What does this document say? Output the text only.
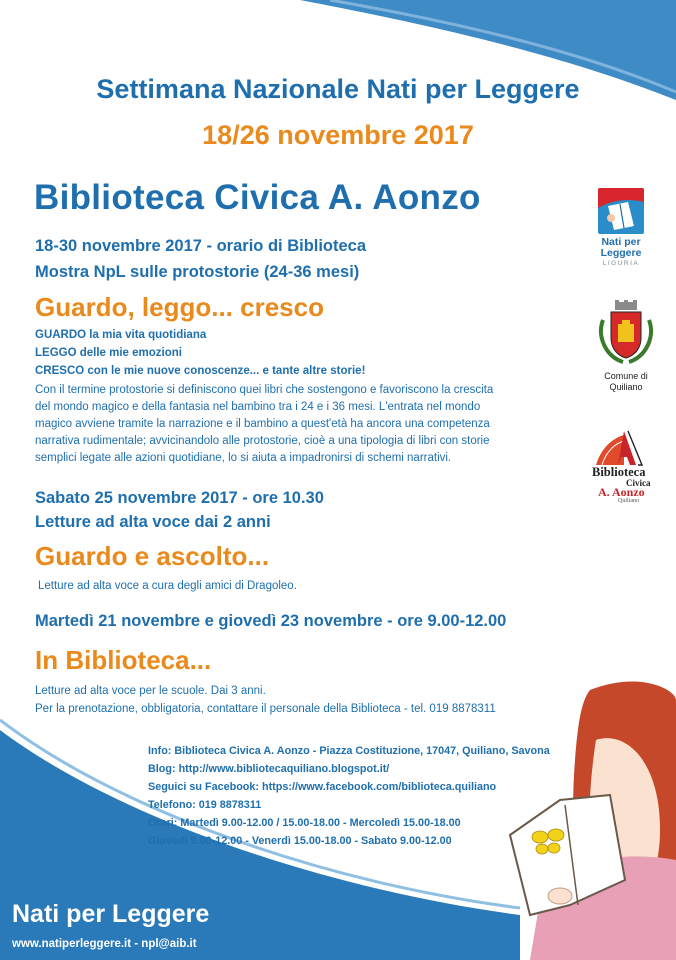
Settimana Nazionale Nati per Leggere
18/26 novembre 2017
Biblioteca Civica A. Aonzo
18-30 novembre 2017 - orario di Biblioteca
Mostra NpL sulle protostorie (24-36 mesi)
Guardo, leggo... cresco
GUARDO la mia vita quotidiana
LEGGO delle mie emozioni
CRESCO con le mie nuove conoscenze... e tante altre storie!
Con il termine protostorie si definiscono quei libri che sostengono e favoriscono la crescita
del mondo magico e della fantasia nel bambino tra i 24 e i 36 mesi. L'entrata nel mondo
magico avviene tramite la narrazione e il bambino a quest'età ha ancora una competenza
narrativa rudimentale; avvicinandolo alle protostorie, cioè a una tipologia di libri con storie
semplici legate alle azioni quotidiane, lo si aiuta a impadronirsi di schemi narrativi.
Sabato 25 novembre 2017 - ore 10.30
Letture ad alta voce dai 2 anni
Guardo e ascolto...
Letture ad alta voce a cura degli amici di Dragoleo.
Martedì 21 novembre e giovedì 23 novembre - ore 9.00-12.00
In Biblioteca...
Letture ad alta voce per le scuole. Dai 3 anni.
Per la prenotazione, obbligatoria, contattare il personale della Biblioteca - tel. 019 8878311
Info: Biblioteca Civica A. Aonzo - Piazza Costituzione, 17047, Quiliano, Savona
Blog: http://www.bibliotecaquiliano.blogspot.it/
Seguici su Facebook: https://www.facebook.com/biblioteca.quiliano
Telefono: 019 8878311
Orari: Martedì 9.00-12.00 / 15.00-18.00 - Mercoledì 15.00-18.00
Giovedì 9.00-12.00 - Venerdì 15.00-18.00 - Sabato 9.00-12.00
Nati per
Leggere
LIGURIA
Comune di
Quiliano
Biblioteca
Civica
A. Aonzo
Quiliano
Nati per Leggere
www.natiperleggere.it - npl@aib.it
